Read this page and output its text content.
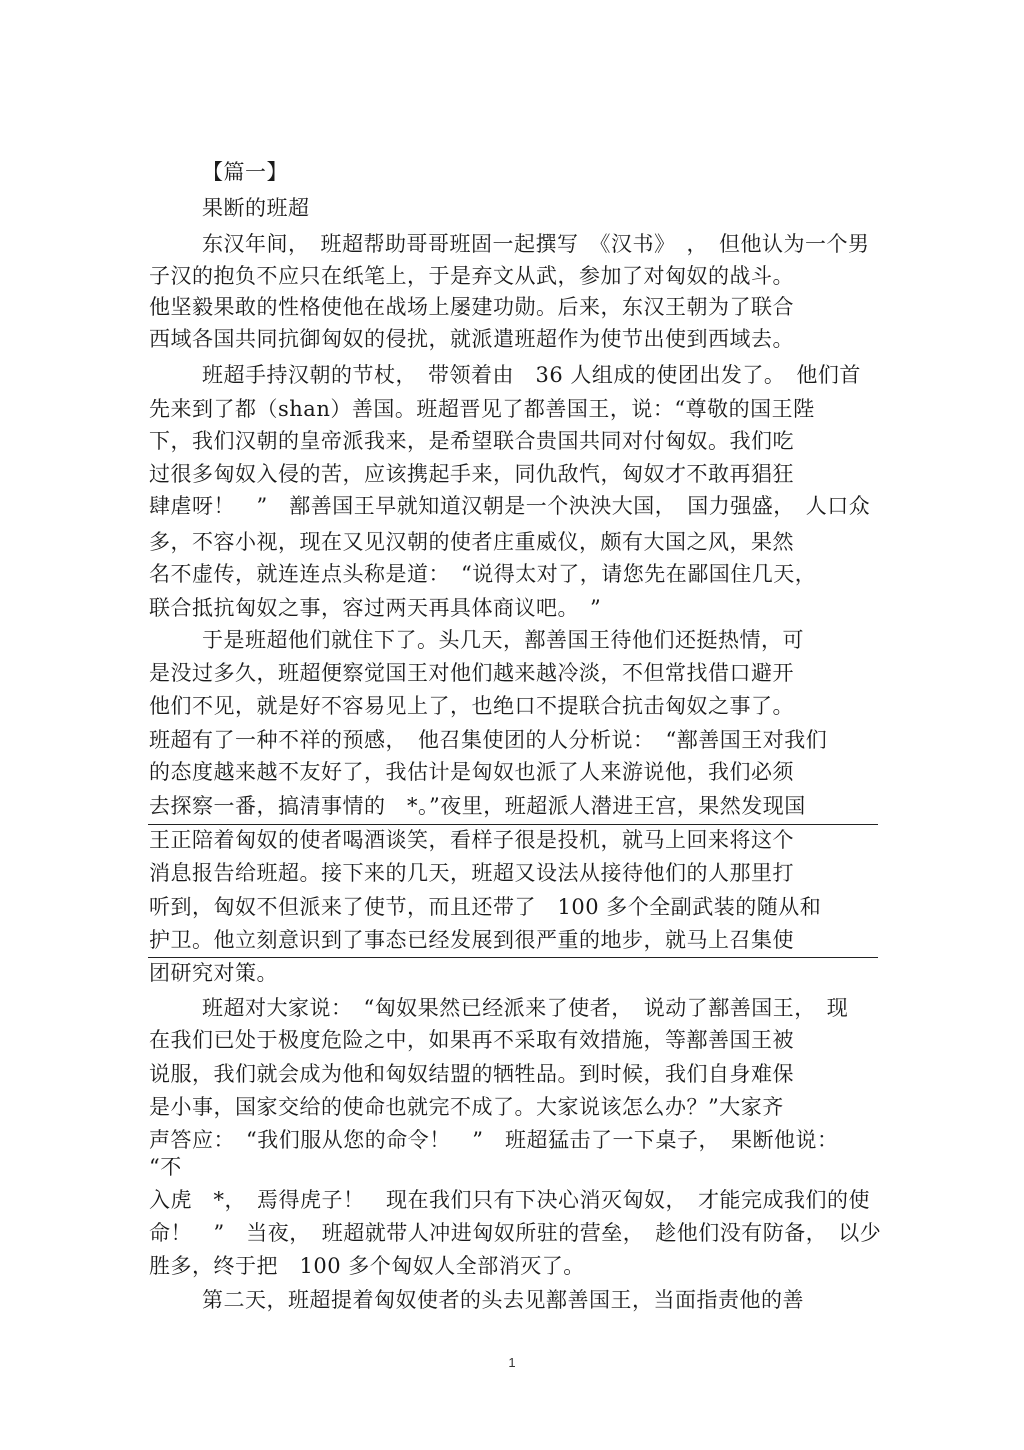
【篇一】
果断的班超
东汉年间，　班超帮助哥哥班固一起撰写　《汉书》　，　但他认为一个男
子汉的抱负不应只在纸笔上，于是弃文从武，参加了对匈奴的战斗。
他坚毅果敢的性格使他在战场上屡建功勋。后来，东汉王朝为了联合
西域各国共同抗御匈奴的侵扰，就派遣班超作为使节出使到西域去。
班超手持汉朝的节杖，　带领着由　36 人组成的使团出发了。　他们首
先来到了都（shan）善国。班超晋见了都善国王，说：“尊敬的国王陛
下，我们汉朝的皇帝派我来，是希望联合贵国共同对付匈奴。我们吃
过很多匈奴入侵的苦，应该携起手来，同仇敌忾，匈奴才不敢再猖狂
肆虐呀！　”　鄯善国王早就知道汉朝是一个泱泱大国，　国力强盛，　人口众
多，不容小视，现在又见汉朝的使者庄重威仪，颇有大国之风，果然
名不虚传，就连连点头称是道：　“说得太对了，请您先在鄙国住几天，
联合抵抗匈奴之事，容过两天再具体商议吧。　”
于是班超他们就住下了。头几天，鄯善国王待他们还挺热情，可
是没过多久，班超便察觉国王对他们越来越冷淡，不但常找借口避开
他们不见，就是好不容易见上了，也绝口不提联合抗击匈奴之事了。
班超有了一种不祥的预感，　他召集使团的人分析说：　“鄯善国王对我们
的态度越来越不友好了，我估计是匈奴也派了人来游说他，我们必须
去探察一番，搞清事情的　*。”夜里，班超派人潜进王宫，果然发现国
王正陪着匈奴的使者喝酒谈笑，看样子很是投机，就马上回来将这个
消息报告给班超。接下来的几天，班超又设法从接待他们的人那里打
听到，匈奴不但派来了使节，而且还带了　100 多个全副武装的随从和
护卫。他立刻意识到了事态已经发展到很严重的地步，就马上召集使
团研究对策。
班超对大家说：　“匈奴果然已经派来了使者，　说动了鄯善国王，　现
在我们已处于极度危险之中，如果再不采取有效措施，等鄯善国王被
说服，我们就会成为他和匈奴结盟的牺牲品。到时候，我们自身难保
是小事，国家交给的使命也就完不成了。大家说该怎么办？”大家齐
声答应：　“我们服从您的命令！　”　班超猛击了一下桌子，　果断他说：
“不
入虎　*，　焉得虎子！　现在我们只有下决心消灭匈奴，　才能完成我们的使
命！　”　当夜，　班超就带人冲进匈奴所驻的营垒，　趁他们没有防备，　以少
胜多，终于把　100 多个匈奴人全部消灭了。
第二天，班超提着匈奴使者的头去见鄯善国王，当面指责他的善
1
